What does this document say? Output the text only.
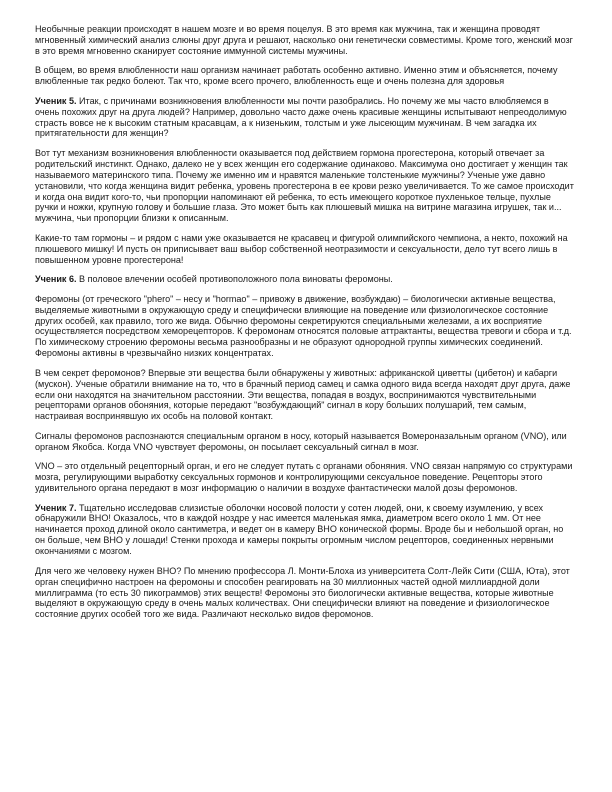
Необычные реакции происходят в нашем мозге и во время поцелуя. В это время как мужчина, так и женщина проводят мгновенный химический анализ слюны друг друга и решают, насколько они генетически совместимы. Кроме того, женский мозг в это время мгновенно сканирует состояние иммунной системы мужчины.

В общем, во время влюбленности наш организм начинает работать особенно активно. Именно этим и объясняется, почему влюбленные так редко болеют. Так что, кроме всего прочего, влюбленность еще и очень полезна для здоровья

Ученик 5. Итак, с причинами возникновения влюбленности мы почти разобрались. Но почему же мы часто влюбляемся в очень похожих друг на друга людей? Например, довольно часто даже очень красивые женщины испытывают непреодолимую страсть вовсе не к высоким статным красавцам, а к низеньким, толстым и уже лысеющим мужчинам. В чем загадка их притягательности для женщин?

Вот тут механизм возникновения влюбленности оказывается под действием гормона прогестерона, который отвечает за родительский инстинкт. Однако, далеко не у всех женщин его содержание одинаково. Максимума оно достигает у женщин так называемого материнского типа. Почему же именно им и нравятся маленькие толстенькие мужчины? Ученые уже давно установили, что когда женщина видит ребенка, уровень прогестерона в ее крови резко увеличивается. То же самое происходит и когда она видит кого-то, чьи пропорции напоминают ей ребенка, то есть имеющего короткое пухленькое тельце, пухлые ручки и ножки, крупную голову и большие глаза. Это может быть как плюшевый мишка на витрине магазина игрушек, так и... мужчина, чьи пропорции близки к описанным.

Какие-то там гормоны – и рядом с нами уже оказывается не красавец и фигурой олимпийского чемпиона, а некто, похожий на плюшевого мишку! И пусть он приписывает ваш выбор собственной неотразимости и сексуальности, дело тут всего лишь в повышенном уровне прогестерона!

Ученик 6. В половое влечении особей противоположного пола виноваты феромоны.

Феромоны (от греческого "phero" – несу и "hormao" – привожу в движение, возбуждаю) – биологически активные вещества, выделяемые животными в окружающую среду и специфически влияющие на поведение или физиологическое состояние других особей, как правило, того же вида. Обычно феромоны секретируются специальными железами, а их восприятие осуществляется посредством хеморецепторов. К феромонам относятся половые аттрактанты, вещества тревоги и сбора и т.д. По химическому строению феромоны весьма разнообразны и не образуют однородной группы химических соединений. Феромоны активны в чрезвычайно низких концентратах.

В чем секрет феромонов? Впервые эти вещества были обнаружены у животных: африканской циветты (цибетон) и кабарги (мускон). Ученые обратили внимание на то, что в брачный период самец и самка одного вида всегда находят друг друга, даже если они находятся на значительном расстоянии. Эти вещества, попадая в воздух, воспринимаются чувствительными рецепторами органов обоняния, которые передают "возбуждающий" сигнал в кору больших полушарий, тем самым, настраивая воспринявшую их особь на половой контакт.

Сигналы феромонов распознаются специальным органом в носу, который называется Вомероназальным органом (VNO), или органом Якобса. Когда VNO чувствует феромоны, он посылает сексуальный сигнал в мозг.

VNO – это отдельный рецепторный орган, и его не следует путать с органами обоняния. VNO связан напрямую со структурами мозга, регулирующими выработку сексуальных гормонов и контролирующими сексуальное поведение. Рецепторы этого удивительного органа передают в мозг информацию о наличии в воздухе фантастически малой дозы феромонов.

Ученик 7. Тщательно исследовав слизистые оболочки носовой полости у сотен людей, они, к своему изумлению, у всех обнаружили ВНО! Оказалось, что в каждой ноздре у нас имеется маленькая ямка, диаметром всего около 1 мм. От нее начинается проход длиной около сантиметра, и ведет он в камеру ВНО конической формы. Вроде бы и небольшой орган, но он больше, чем ВНО у лошади! Стенки прохода и камеры покрыты огромным числом рецепторов, соединенных нервными окончаниями с мозгом.

Для чего же человеку нужен ВНО? По мнению профессора Л. Монти-Блоха из университета Солт-Лейк Сити (США, Юта), этот орган специфично настроен на феромоны и способен реагировать на 30 миллионных частей одной миллиардной доли миллиграмма (то есть 30 пикограммов) этих веществ! Феромоны это биологически активные вещества, которые животные выделяют в окружающую среду в очень малых количествах. Они специфически влияют на поведение и физиологическое состояние других особей того же вида. Различают несколько видов феромонов.
